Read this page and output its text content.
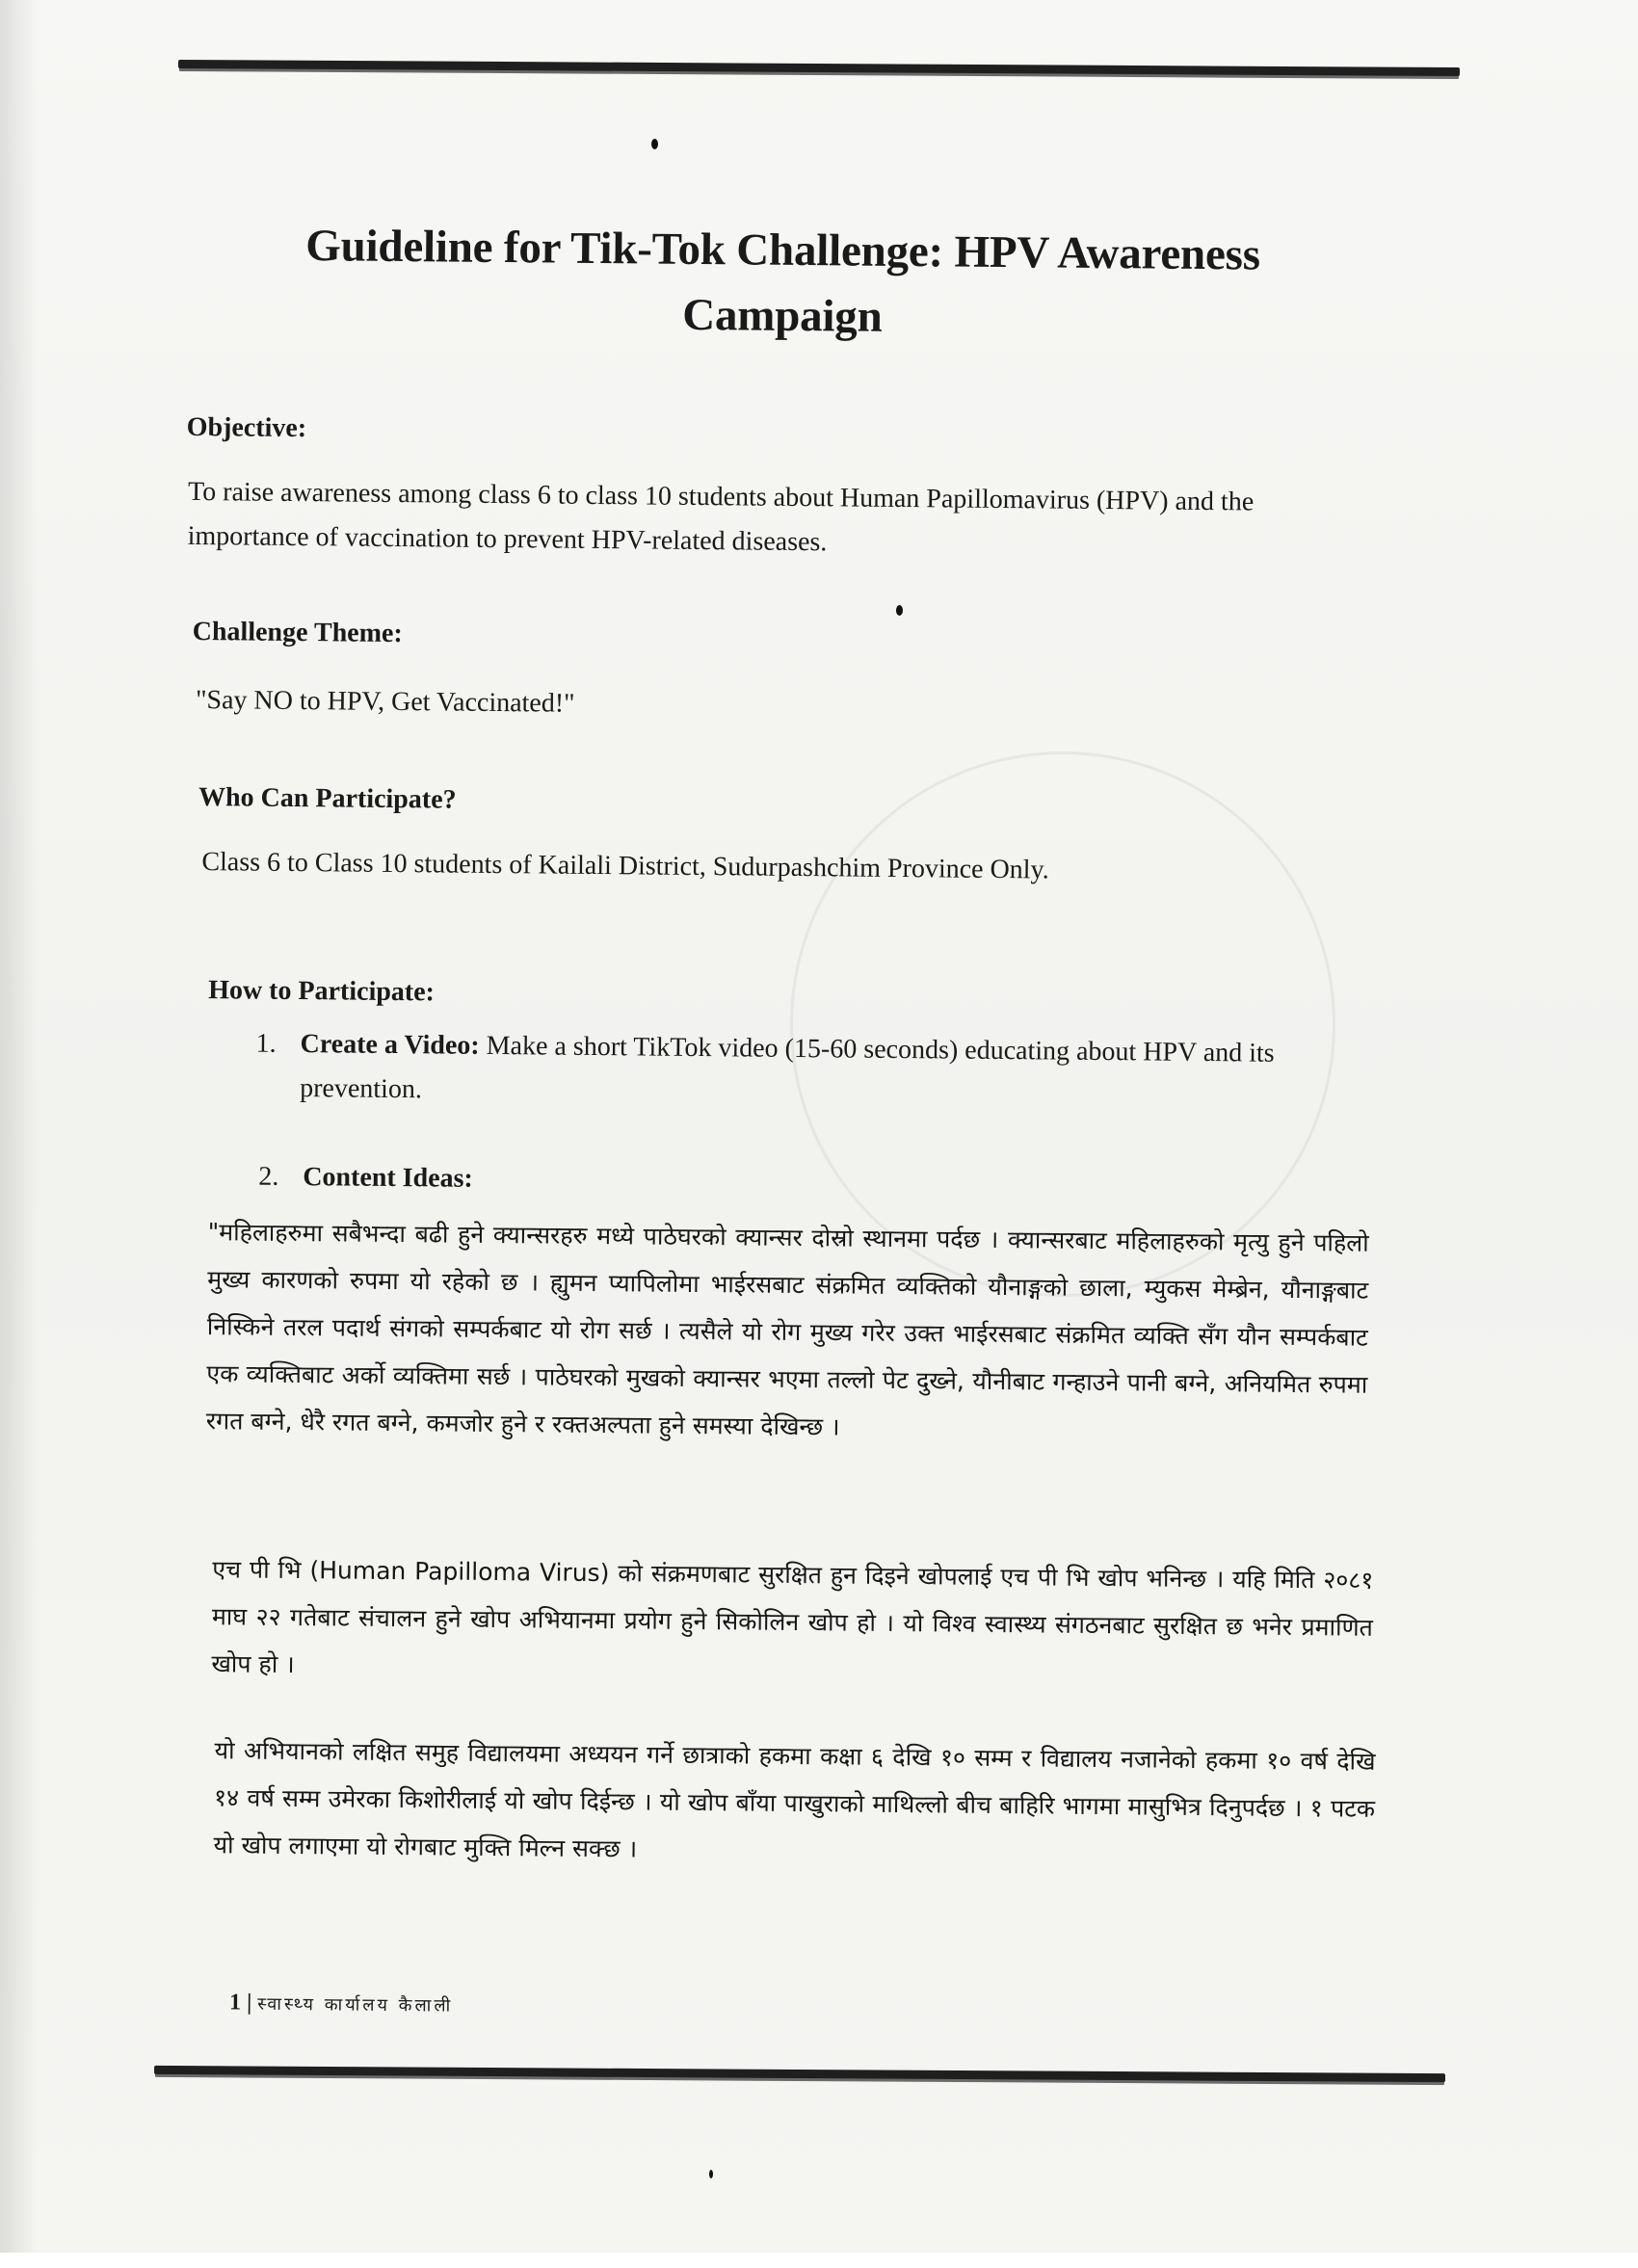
Guideline for Tik-Tok Challenge: HPV Awareness Campaign
Objective:
To raise awareness among class 6 to class 10 students about Human Papillomavirus (HPV) and the importance of vaccination to prevent HPV-related diseases.
Challenge Theme:
"Say NO to HPV, Get Vaccinated!"
Who Can Participate?
Class 6 to Class 10 students of Kailali District, Sudurpashchim Province Only.
How to Participate:
1. Create a Video: Make a short TikTok video (15-60 seconds) educating about HPV and its prevention.
2. Content Ideas:
"महिलाहरुमा सबैभन्दा बढी हुने क्यान्सरहरु मध्ये पाठेघरको क्यान्सर दोस्रो स्थानमा पर्दछ । क्यान्सरबाट महिलाहरुको मृत्यु हुने पहिलो मुख्य कारणको रुपमा यो रहेको छ । ह्युमन प्यापिलोमा भाईरसबाट संक्रमित व्यक्तिको यौनाङ्गको छाला, म्युकस मेम्ब्रेन, यौनाङ्गबाट निस्किने तरल पदार्थ संगको सम्पर्कबाट यो रोग सर्छ । त्यसैले यो रोग मुख्य गरेर उक्त भाईरसबाट संक्रमित व्यक्ति सँग यौन सम्पर्कबाट एक व्यक्तिबाट अर्को व्यक्तिमा सर्छ । पाठेघरको मुखको क्यान्सर भएमा तल्लो पेट दुख्ने, यौनीबाट गन्हाउने पानी बग्ने, अनियमित रुपमा रगत बग्ने, धेरै रगत बग्ने, कमजोर हुने र रक्तअल्पता हुने समस्या देखिन्छ ।
एच पी भि (Human Papilloma Virus) को संक्रमणबाट सुरक्षित हुन दिइने खोपलाई एच पी भि खोप भनिन्छ । यहि मिति २०८१ माघ २२ गतेबाट संचालन हुने खोप अभियानमा प्रयोग हुने सिकोलिन खोप हो । यो विश्व स्वास्थ्य संगठनबाट सुरक्षित छ भनेर प्रमाणित खोप हो ।
यो अभियानको लक्षित समुह विद्यालयमा अध्ययन गर्ने छात्राको हकमा कक्षा ६ देखि १० सम्म र विद्यालय नजानेको हकमा १० वर्ष देखि १४ वर्ष सम्म उमेरका किशोरीलाई यो खोप दिईन्छ । यो खोप बाँया पाखुराको माथिल्लो बीच बाहिरि भागमा मासुभित्र दिनुपर्दछ । १ पटक यो खोप लगाएमा यो रोगबाट मुक्ति मिल्न सक्छ ।
1 | स्वास्थ्य कार्यालय कैलाली
